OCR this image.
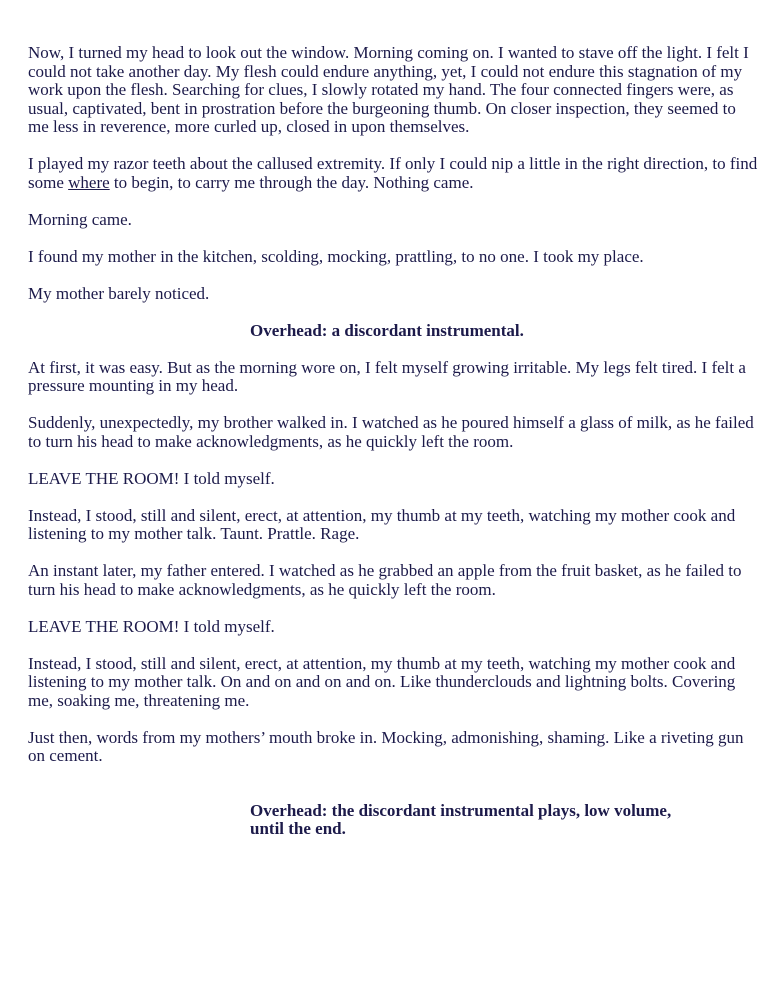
Now, I turned my head to look out the window. Morning coming on. I wanted to stave off the light. I felt I could not take another day. My flesh could endure anything, yet, I could not endure this stagnation of my work upon the flesh. Searching for clues, I slowly rotated my hand. The four connected fingers were, as usual, captivated, bent in prostration before the burgeoning thumb. On closer inspection, they seemed to me less in reverence, more curled up, closed in upon themselves.

I played my razor teeth about the callused extremity. If only I could nip a little in the right direction, to find some where to begin, to carry me through the day. Nothing came.

Morning came.

I found my mother in the kitchen, scolding, mocking, prattling, to no one. I took my place.

My mother barely noticed.

Overhead: a discordant instrumental.

At first, it was easy. But as the morning wore on, I felt myself growing irritable. My legs felt tired. I felt a pressure mounting in my head.

Suddenly, unexpectedly, my brother walked in. I watched as he poured himself a glass of milk, as he failed to turn his head to make acknowledgments, as he quickly left the room.

LEAVE THE ROOM! I told myself.

Instead, I stood, still and silent, erect, at attention, my thumb at my teeth, watching my mother cook and listening to my mother talk. Taunt. Prattle. Rage.

An instant later, my father entered. I watched as he grabbed an apple from the fruit basket, as he failed to turn his head to make acknowledgments, as he quickly left the room.

LEAVE THE ROOM! I told myself.

Instead, I stood, still and silent, erect, at attention, my thumb at my teeth, watching my mother cook and listening to my mother talk. On and on and on and on. Like thunderclouds and lightning bolts. Covering me, soaking me, threatening me.

Just then, words from my mothers’ mouth broke in. Mocking, admonishing, shaming. Like a riveting gun on cement.

Overhead: the discordant instrumental plays, low volume, until the end.
